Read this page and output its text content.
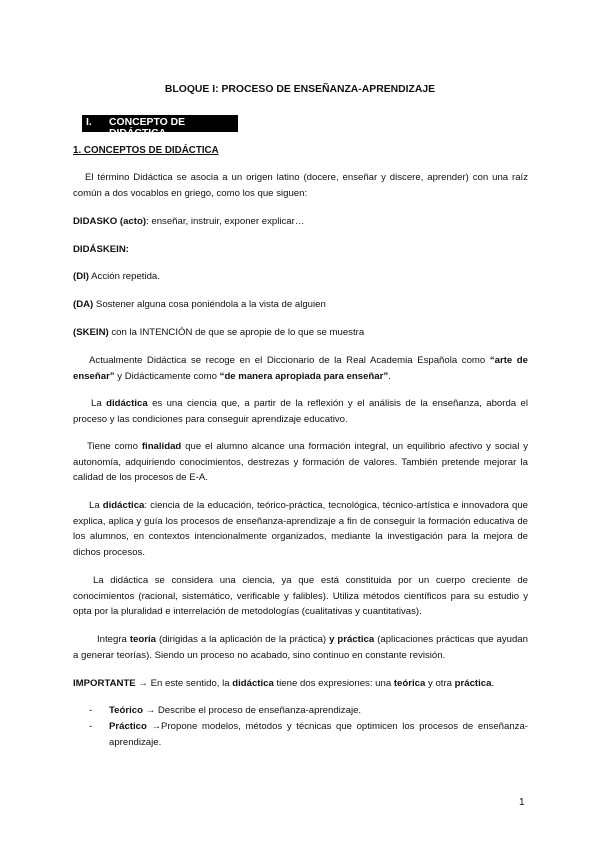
BLOQUE I: PROCESO DE ENSEÑANZA-APRENDIZAJE
I. CONCEPTO DE DIDÁCTICA
1. CONCEPTOS DE DIDÁCTICA

El término Didáctica se asocia a un origen latino (docere, enseñar y discere, aprender) con una raíz común a dos vocablos en griego, como los que siguen:

DIDASKO (acto): enseñar, instruir, exponer explicar…

DIDÁSKEIN:

(DI) Acción repetida.

(DA) Sostener alguna cosa poniéndola a la vista de alguien

(SKEIN) con la INTENCIÓN de que se apropie de lo que se muestra

Actualmente Didáctica se recoge en el Diccionario de la Real Academia Española como “arte de enseñar” y Didácticamente como “de manera apropiada para enseñar”.

La didáctica es una ciencia que, a partir de la reflexión y el análisis de la enseñanza, aborda el proceso y las condiciones para conseguir aprendizaje educativo.

Tiene como finalidad que el alumno alcance una formación integral, un equilibrio afectivo y social y autonomía, adquiriendo conocimientos, destrezas y formación de valores. También pretende mejorar la calidad de los procesos de E-A.

La didáctica: ciencia de la educación, teórico-práctica, tecnológica, técnico-artística e innovadora que explica, aplica y guía los procesos de enseñanza-aprendizaje a fin de conseguir la formación educativa de los alumnos, en contextos intencionalmente organizados, mediante la investigación para la mejora de dichos procesos.

La didáctica se considera una ciencia, ya que está constituida por un cuerpo creciente de conocimientos (racional, sistemático, verificable y falibles). Utiliza métodos científicos para su estudio y opta por la pluralidad e interrelación de metodologías (cualitativas y cuantitativas).

Integra teoría (dirigidas a la aplicación de la práctica) y práctica (aplicaciones prácticas que ayudan a generar teorías). Siendo un proceso no acabado, sino continuo en constante revisión.

IMPORTANTE → En este sentido, la didáctica tiene dos expresiones: una teórica y otra práctica.

- Teórico → Describe el proceso de enseñanza-aprendizaje.
- Práctico →Propone modelos, métodos y técnicas que optimicen los procesos de enseñanza-aprendizaje.
1
